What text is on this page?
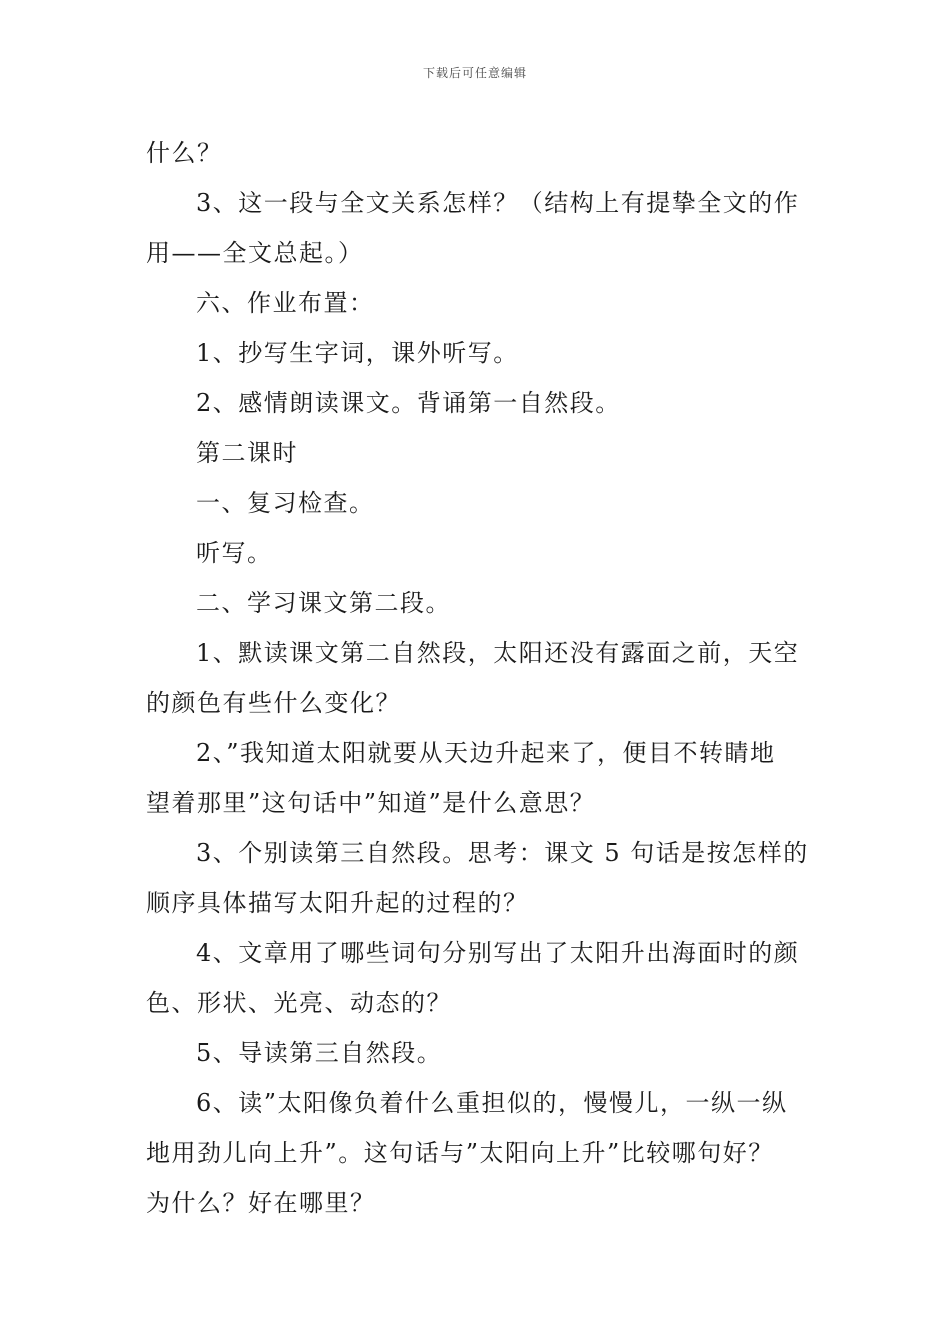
下载后可任意编辑
什么？
3、这一段与全文关系怎样？（结构上有提挚全文的作
用——全文总起。）
六、作业布置：
1、抄写生字词，课外听写。
2、感情朗读课文。背诵第一自然段。
第二课时
一、复习检查。
听写。
二、学习课文第二段。
1、默读课文第二自然段，太阳还没有露面之前，天空
的颜色有些什么变化？
2、”我知道太阳就要从天边升起来了，便目不转睛地
望着那里”这句话中”知道”是什么意思？
3、个别读第三自然段。思考：课文 5 句话是按怎样的
顺序具体描写太阳升起的过程的？
4、文章用了哪些词句分别写出了太阳升出海面时的颜
色、形状、光亮、动态的？
5、导读第三自然段。
6、读”太阳像负着什么重担似的，慢慢儿，一纵一纵
地用劲儿向上升”。这句话与”太阳向上升”比较哪句好？
为什么？好在哪里？
